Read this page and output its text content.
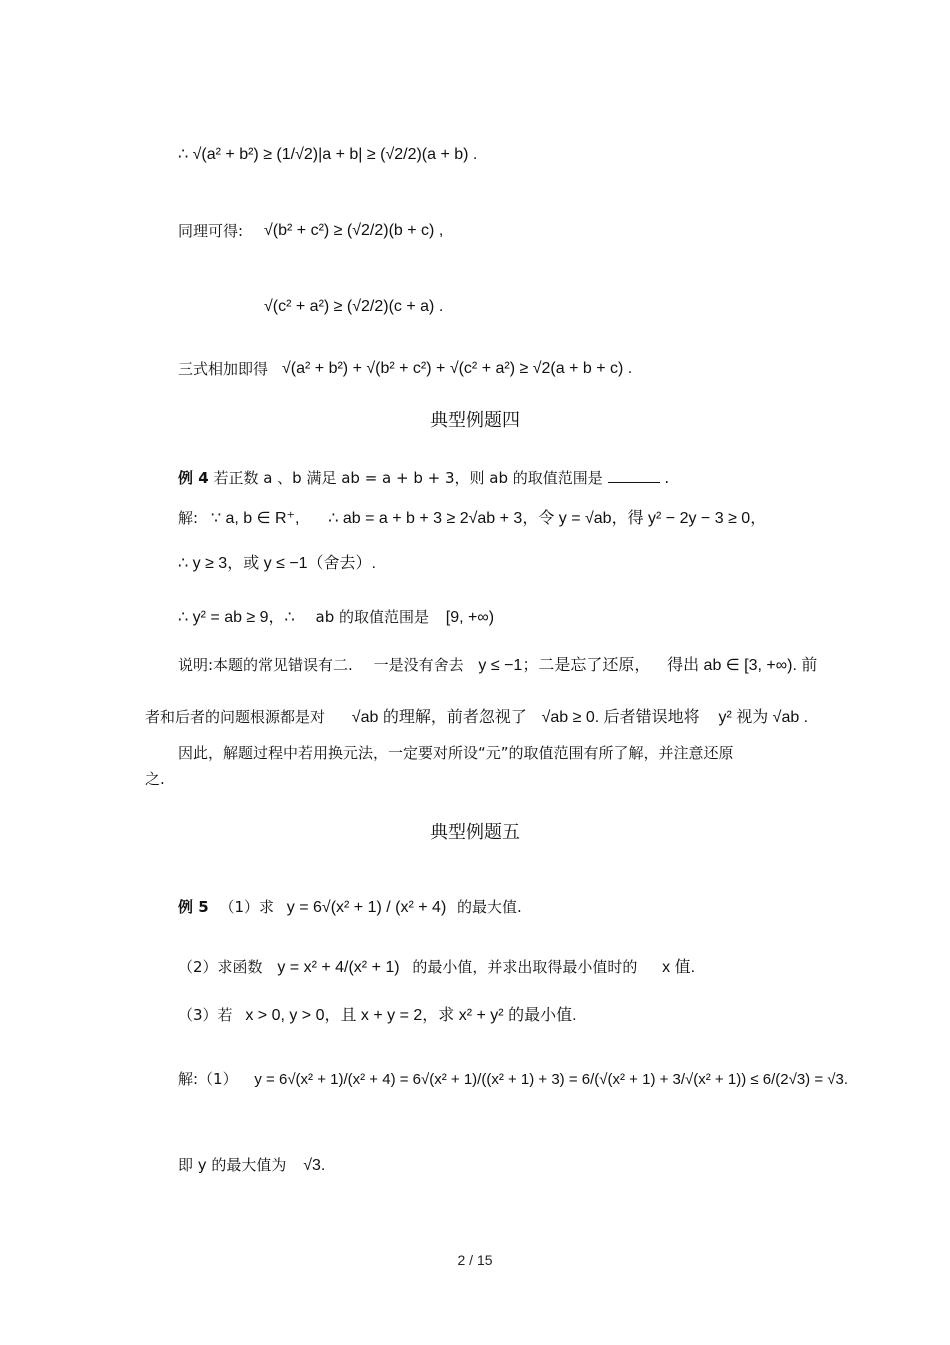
∴ √(a² + b²) ≥ (1/√2)|a + b| ≥ (√2/2)(a + b) .
同理可得: √(b² + c²) ≥ (√2/2)(b + c) ,
√(c² + a²) ≥ (√2/2)(c + a) .
三式相加即得 √(a² + b²) + √(b² + c²) + √(c² + a²) ≥ √2(a + b + c) .
典型例题四
例 4 若正数 a 、b 满足 ab = a + b + 3，则 ab 的取值范围是	.
解: ∵ a, b ∈ R⁺, ∴ ab = a + b + 3 ≥ 2√ab + 3，令 y = √ab，得 y² − 2y − 3 ≥ 0，
∴ y ≥ 3，或 y ≤ −1（舍去）.
∴ y² = ab ≥ 9，∴ ab 的取值范围是 [9, +∞)
说明:本题的常见错误有二. 一是没有舍去 y ≤ −1；二是忘了还原， 得出 ab ∈ [3, +∞). 前
者和后者的问题根源都是对 √ab 的理解，前者忽视了 √ab ≥ 0. 后者错误地将 y² 视为 √ab .
因此，解题过程中若用换元法，一定要对所设“元”的取值范围有所了解，并注意还原
之.
典型例题五
例 5 （1）求 y = 6√(x² + 1) / (x² + 4) 的最大值.
（2）求函数 y = x² + 4/(x² + 1) 的最小值，并求出取得最小值时的 x 值.
（3）若 x > 0, y > 0，且 x + y = 2，求 x² + y² 的最小值.
解:（1） y = 6√(x² + 1)/(x² + 4) = 6√(x² + 1)/((x² + 1) + 3) = 6/(√(x² + 1) + 3/√(x² + 1)) ≤ 6/(2√3) = √3.
即 y 的最大值为 √3.
2 / 15
